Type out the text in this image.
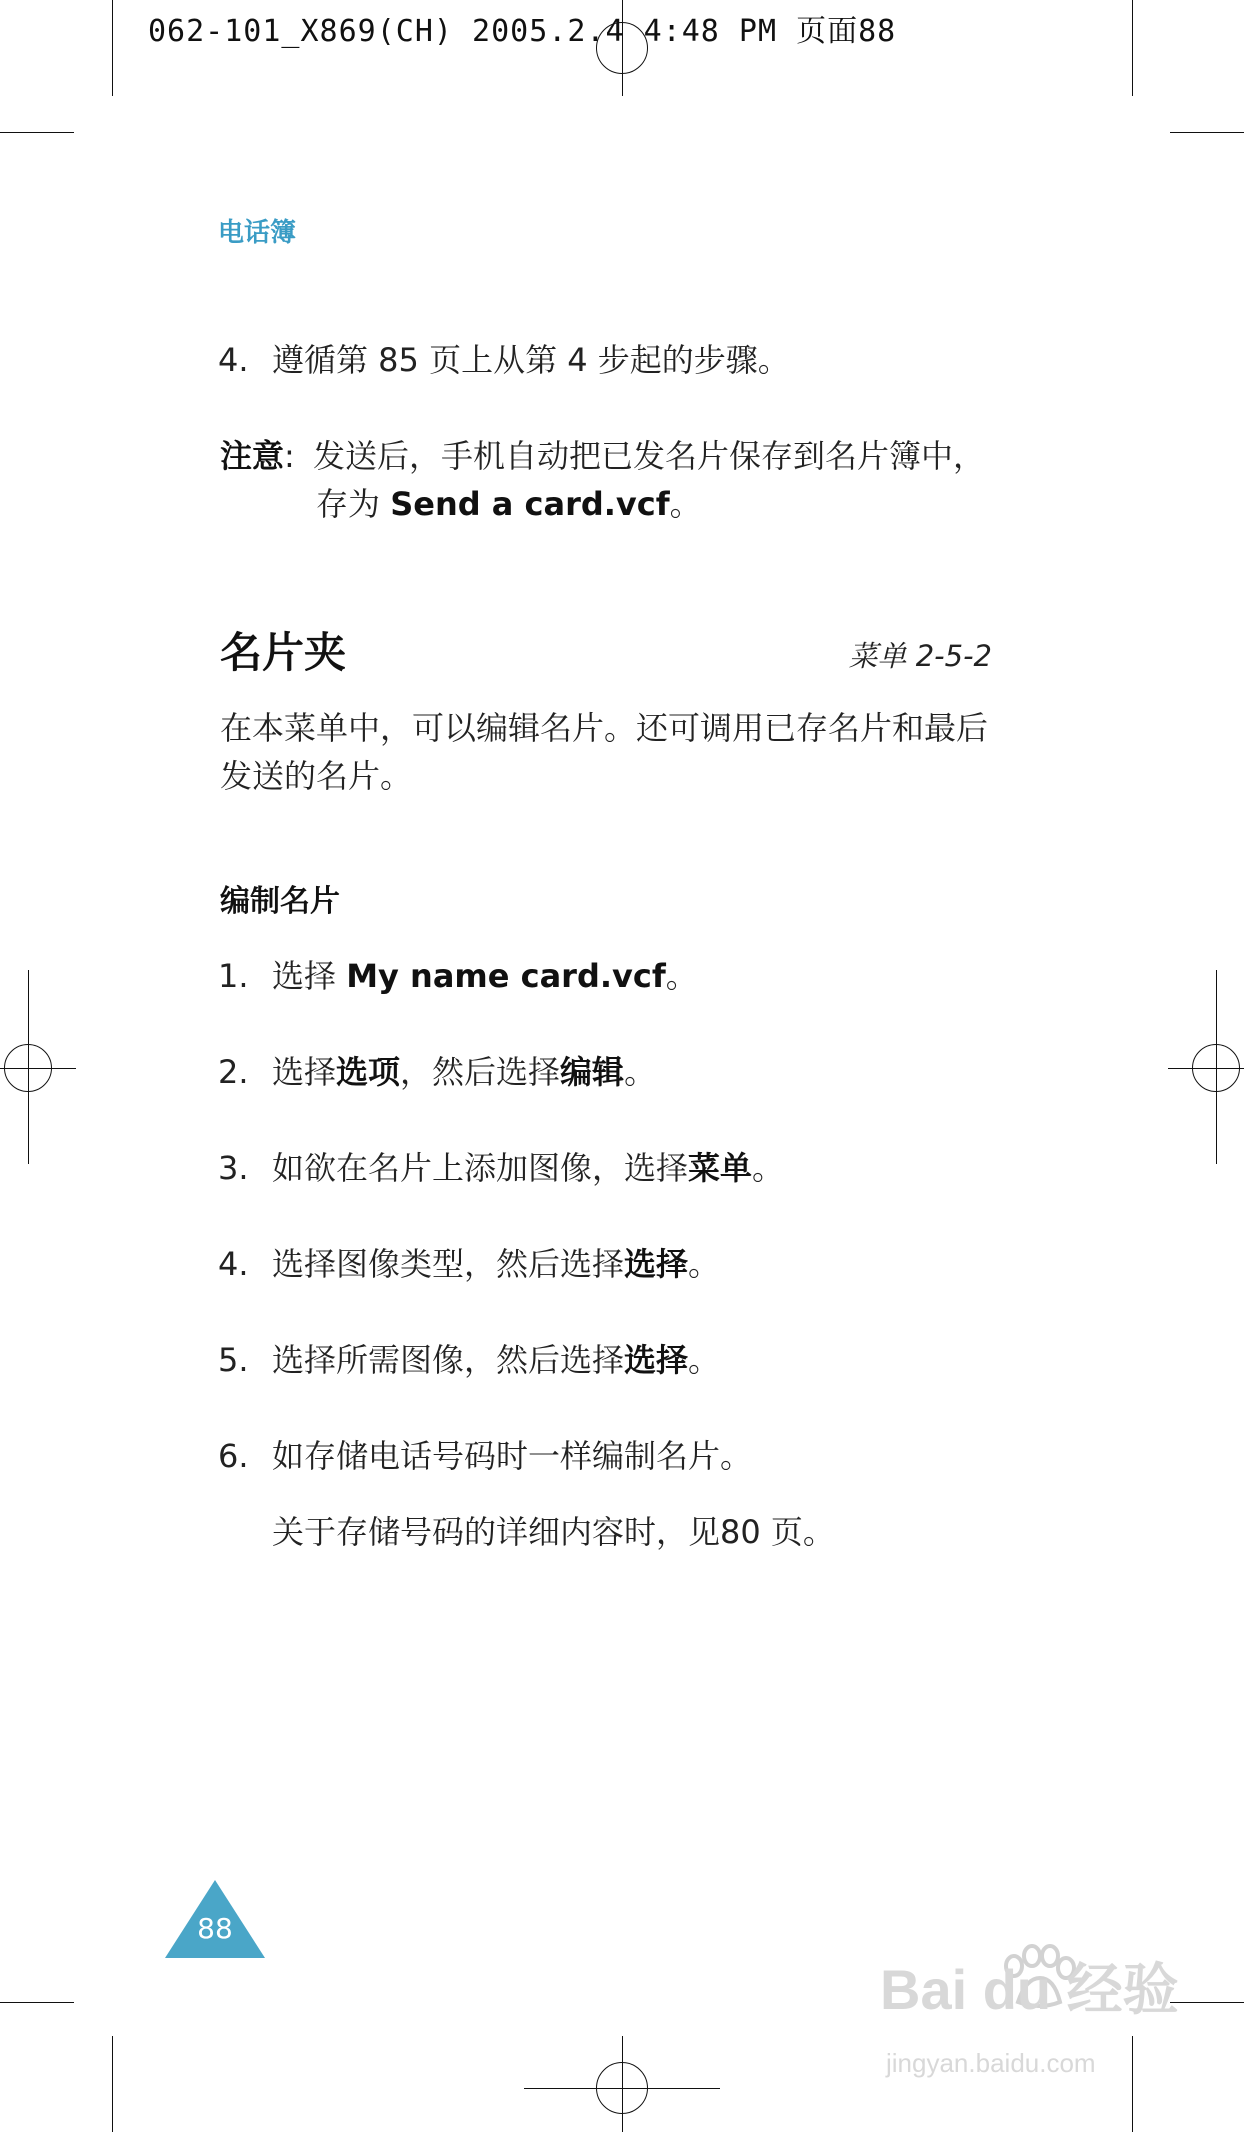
062-101_X869(CH) 2005.2.4 4:48 PM 页面88
电话簿
4. 遵循第 85 页上从第 4 步起的步骤。
注意: 发送后，手机自动把已发名片保存到名片簿中，
存为 Send a card.vcf。
名片夹	菜单 2-5-2
在本菜单中，可以编辑名片。还可调用已存名片和最后
发送的名片。
编制名片
1. 选择 My name card.vcf。
2. 选择选项，然后选择编辑。
3. 如欲在名片上添加图像，选择菜单。
4. 选择图像类型，然后选择选择。
5. 选择所需图像，然后选择选择。
6. 如存储电话号码时一样编制名片。
关于存储号码的详细内容时，见80 页。
88
Bai du 经验
jingyan.baidu.com
